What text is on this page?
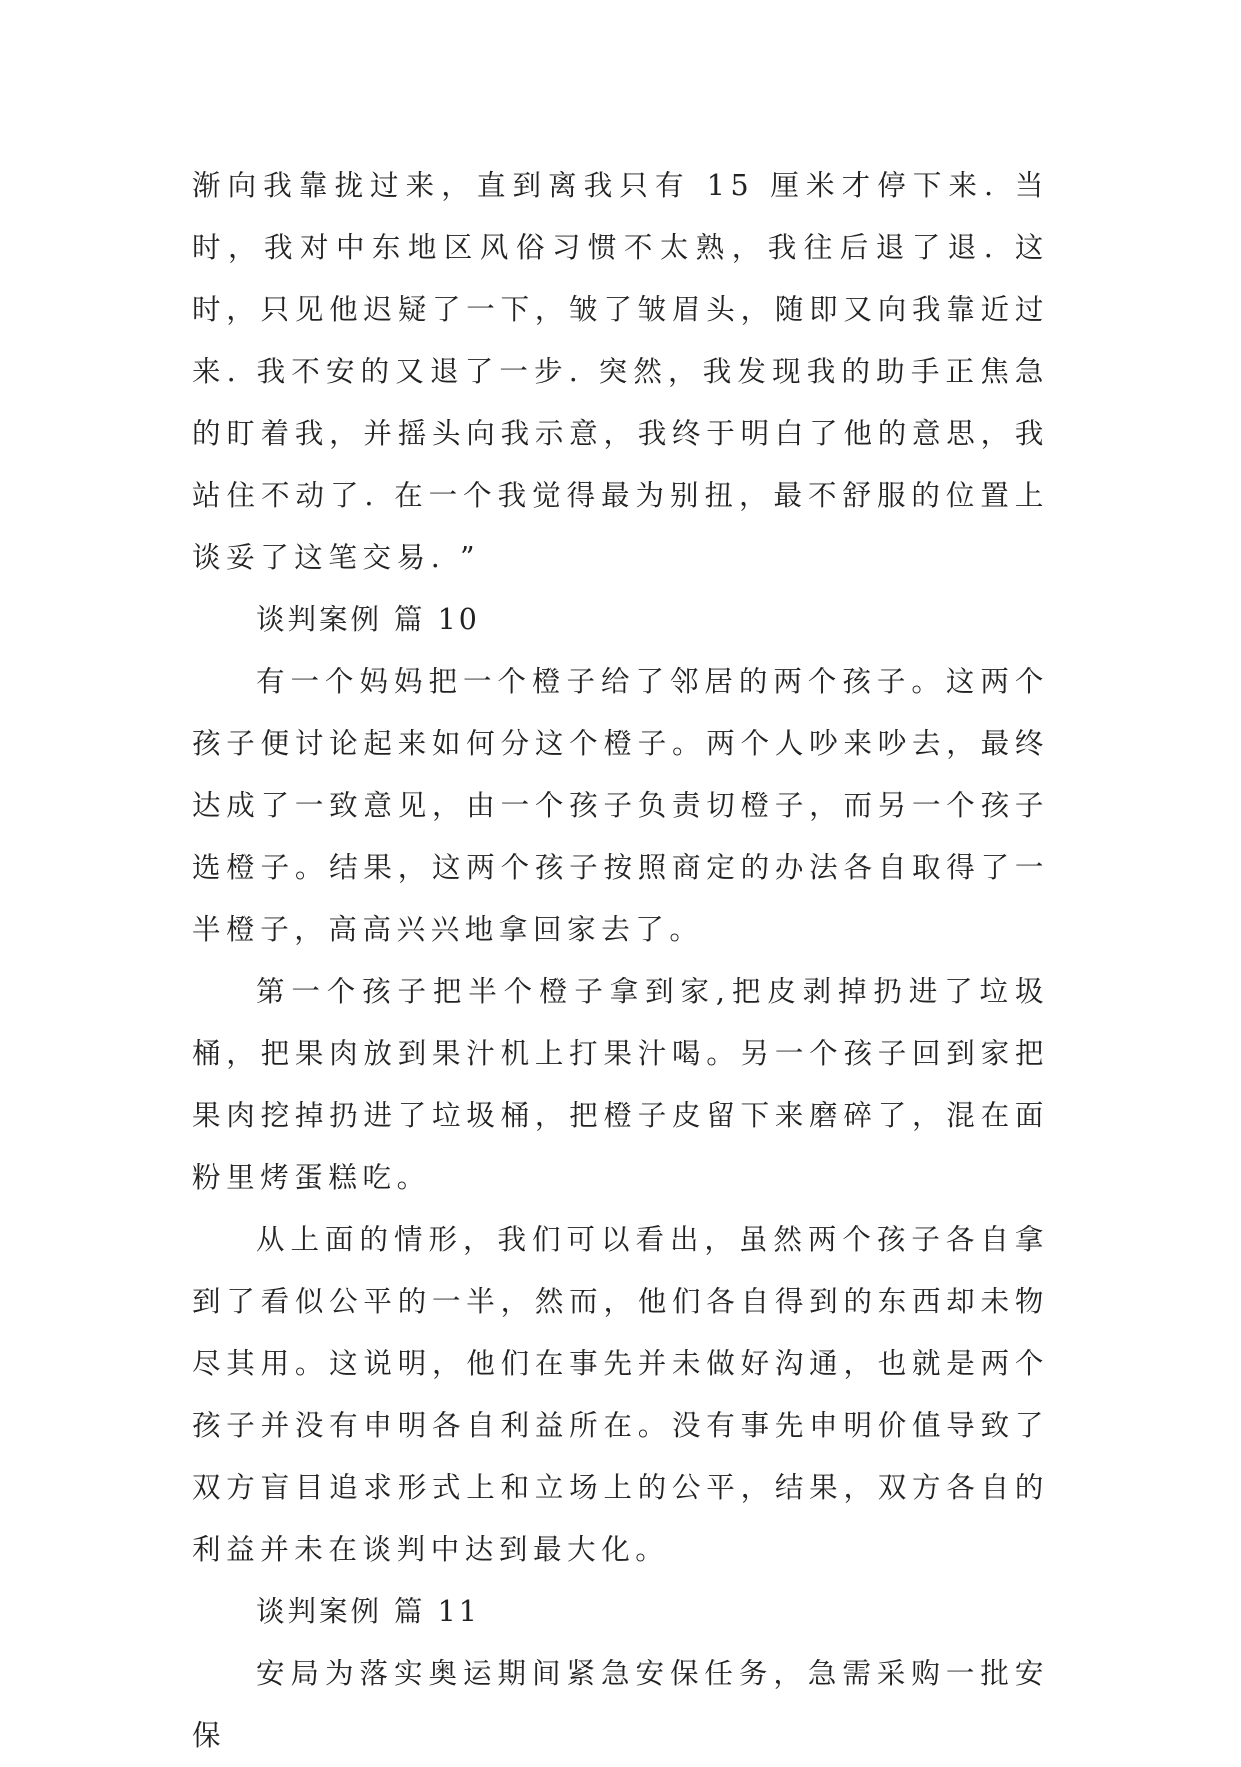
渐向我靠拢过来，直到离我只有 15 厘米才停下来. 当时，我对中东地区风俗习惯不太熟，我往后退了退. 这时，只见他迟疑了一下，皱了皱眉头，随即又向我靠近过来. 我不安的又退了一步. 突然，我发现我的助手正焦急的盯着我，并摇头向我示意，我终于明白了他的意思，我站住不动了. 在一个我觉得最为别扭，最不舒服的位置上谈妥了这笔交易. ”

谈判案例 篇 10

有一个妈妈把一个橙子给了邻居的两个孩子。这两个孩子便讨论起来如何分这个橙子。两个人吵来吵去，最终达成了一致意见，由一个孩子负责切橙子，而另一个孩子选橙子。结果，这两个孩子按照商定的办法各自取得了一半橙子，高高兴兴地拿回家去了。

第一个孩子把半个橙子拿到家,把皮剥掉扔进了垃圾桶，把果肉放到果汁机上打果汁喝。另一个孩子回到家把果肉挖掉扔进了垃圾桶，把橙子皮留下来磨碎了，混在面粉里烤蛋糕吃。

从上面的情形，我们可以看出，虽然两个孩子各自拿到了看似公平的一半，然而，他们各自得到的东西却未物尽其用。这说明，他们在事先并未做好沟通，也就是两个孩子并没有申明各自利益所在。没有事先申明价值导致了双方盲目追求形式上和立场上的公平，结果，双方各自的利益并未在谈判中达到最大化。

谈判案例 篇 11

安局为落实奥运期间紧急安保任务，急需采购一批安保
